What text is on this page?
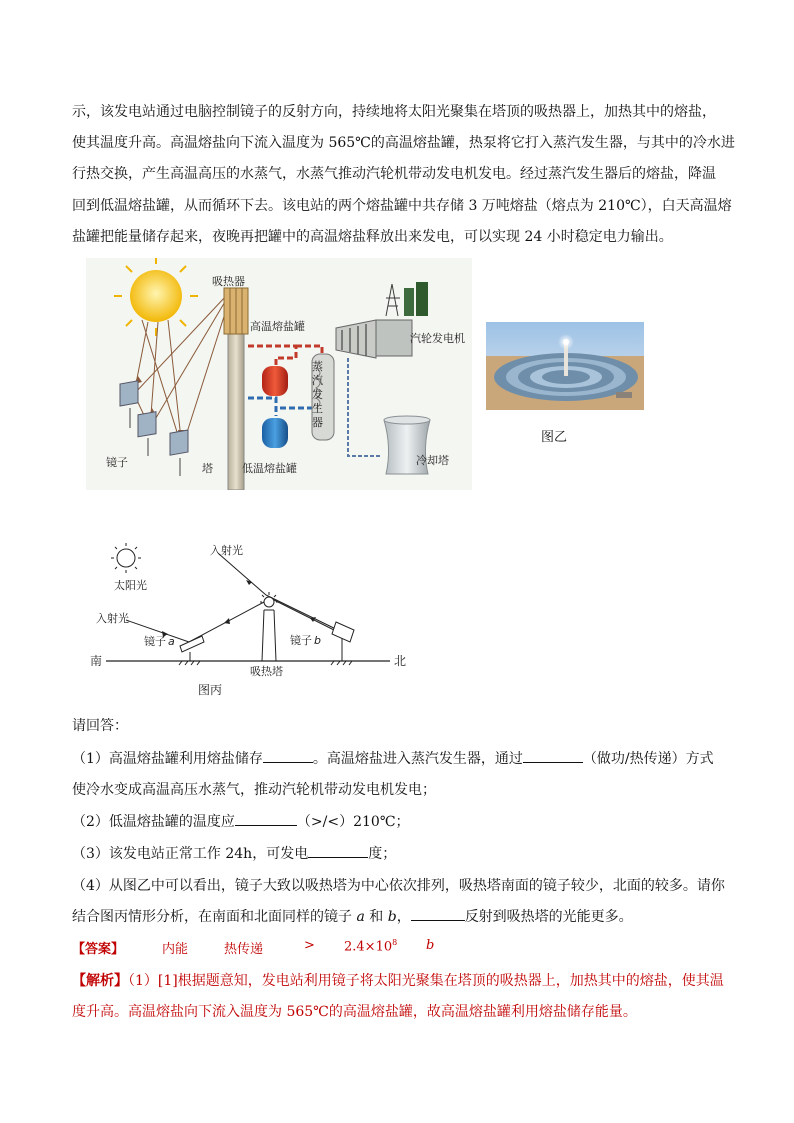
示，该发电站通过电脑控制镜子的反射方向，持续地将太阳光聚集在塔顶的吸热器上，加热其中的熔盐，
使其温度升高。高温熔盐向下流入温度为 565℃的高温熔盐罐，热泵将它打入蒸汽发生器，与其中的冷水进
行热交换，产生高温高压的水蒸气，水蒸气推动汽轮机带动发电机发电。经过蒸汽发生器后的熔盐，降温
回到低温熔盐罐，从而循环下去。该电站的两个熔盐罐中共存储 3 万吨熔盐（熔点为 210℃），白天高温熔
盐罐把能量储存起来，夜晚再把罐中的高温熔盐释放出来发电，可以实现 24 小时稳定电力输出。
吸热器
高温熔盐罐
汽轮发电机
蒸
汽
发
生
器
镜子	塔	低温熔盐罐
冷却塔
图乙
入射光
太阳光
入射光
镜子 a	镜子 b
南	北
吸热塔
图丙
请回答：
（1）高温熔盐罐利用熔盐储存	。高温熔盐进入蒸汽发生器，通过	（做功/热传递）方式
使冷水变成高温高压水蒸气，推动汽轮机带动发电机发电；
（2）低温熔盐罐的温度应	（>/<）210℃；
（3）该发电站正常工作 24h，可发电	度；
（4）从图乙中可以看出，镜子大致以吸热塔为中心依次排列，吸热塔南面的镜子较少，北面的较多。请你
结合图丙情形分析，在南面和北面同样的镜子 a 和 b，	反射到吸热塔的光能更多。
【答案】	内能	热传递	> $2.4\times 10^8$ b
【解析】（1）[1]根据题意知，发电站利用镜子将太阳光聚集在塔顶的吸热器上，加热其中的熔盐，使其温
度升高。高温熔盐向下流入温度为 565℃的高温熔盐罐，故高温熔盐罐利用熔盐储存能量。
